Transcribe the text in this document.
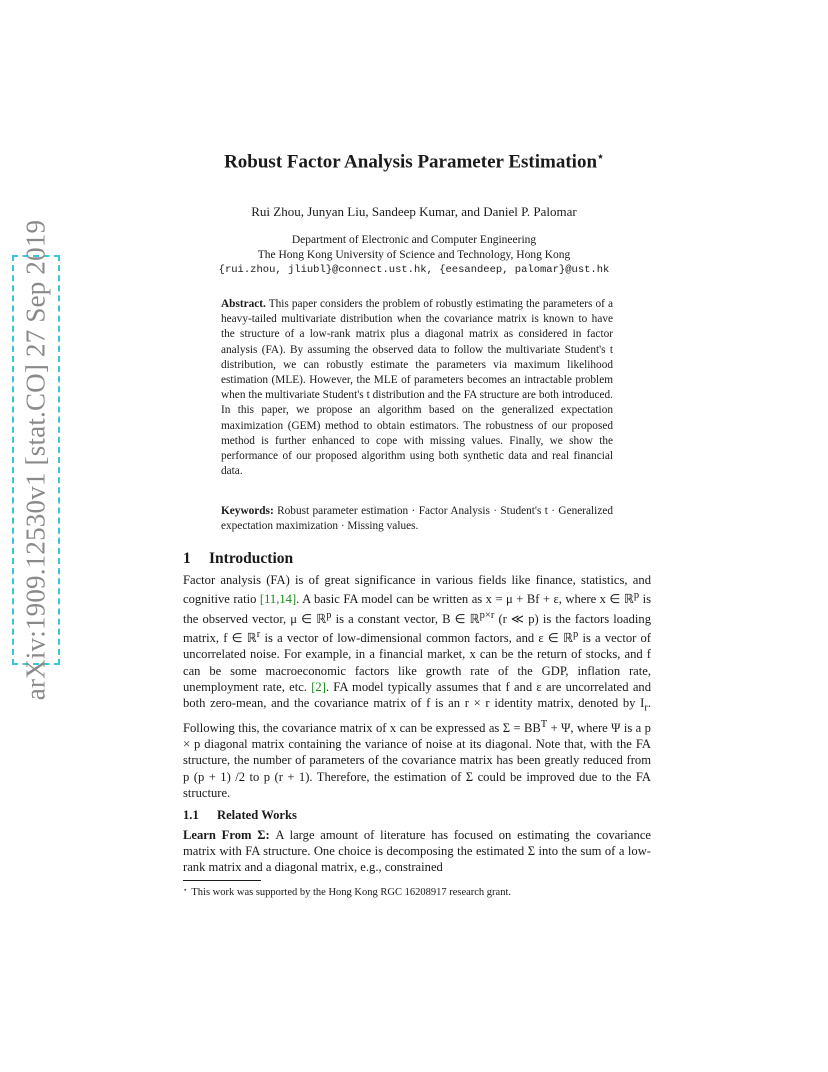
arXiv:1909.12530v1 [stat.CO] 27 Sep 2019
Robust Factor Analysis Parameter Estimation⋆
Rui Zhou, Junyan Liu, Sandeep Kumar, and Daniel P. Palomar
Department of Electronic and Computer Engineering
The Hong Kong University of Science and Technology, Hong Kong
{rui.zhou, jliubl}@connect.ust.hk, {eesandeep, palomar}@ust.hk
Abstract. This paper considers the problem of robustly estimating the parameters of a heavy-tailed multivariate distribution when the covariance matrix is known to have the structure of a low-rank matrix plus a diagonal matrix as considered in factor analysis (FA). By assuming the observed data to follow the multivariate Student's t distribution, we can robustly estimate the parameters via maximum likelihood estimation (MLE). However, the MLE of parameters becomes an intractable problem when the multivariate Student's t distribution and the FA structure are both introduced. In this paper, we propose an algorithm based on the generalized expectation maximization (GEM) method to obtain estimators. The robustness of our proposed method is further enhanced to cope with missing values. Finally, we show the performance of our proposed algorithm using both synthetic data and real financial data.
Keywords: Robust parameter estimation · Factor Analysis · Student's t · Generalized expectation maximization · Missing values.
1 Introduction
Factor analysis (FA) is of great significance in various fields like finance, statistics, and cognitive ratio [11,14]. A basic FA model can be written as x = μ + Bf + ε, where x ∈ ℝ$^p$ is the observed vector, μ ∈ ℝ$^p$ is a constant vector, B ∈ ℝ$^{p\times r}$ (r ≪ p) is the factors loading matrix, f ∈ ℝ$^r$ is a vector of low-dimensional common factors, and ε ∈ ℝ$^p$ is a vector of uncorrelated noise. For example, in a financial market, x can be the return of stocks, and f can be some macroeconomic factors like growth rate of the GDP, inflation rate, unemployment rate, etc. [2]. FA model typically assumes that f and ε are uncorrelated and both zero-mean, and the covariance matrix of f is an r × r identity matrix, denoted by $I_r$. Following this, the covariance matrix of x can be expressed as $\Sigma = BB^T + \Psi$, where Ψ is a p × p diagonal matrix containing the variance of noise at its diagonal. Note that, with the FA structure, the number of parameters of the covariance matrix has been greatly reduced from p (p + 1) /2 to p (r + 1). Therefore, the estimation of Σ could be improved due to the FA structure.
1.1 Related Works
Learn From Σ: A large amount of literature has focused on estimating the covariance matrix with FA structure. One choice is decomposing the estimated Σ into the sum of a low-rank matrix and a diagonal matrix, e.g., constrained
⋆ This work was supported by the Hong Kong RGC 16208917 research grant.
